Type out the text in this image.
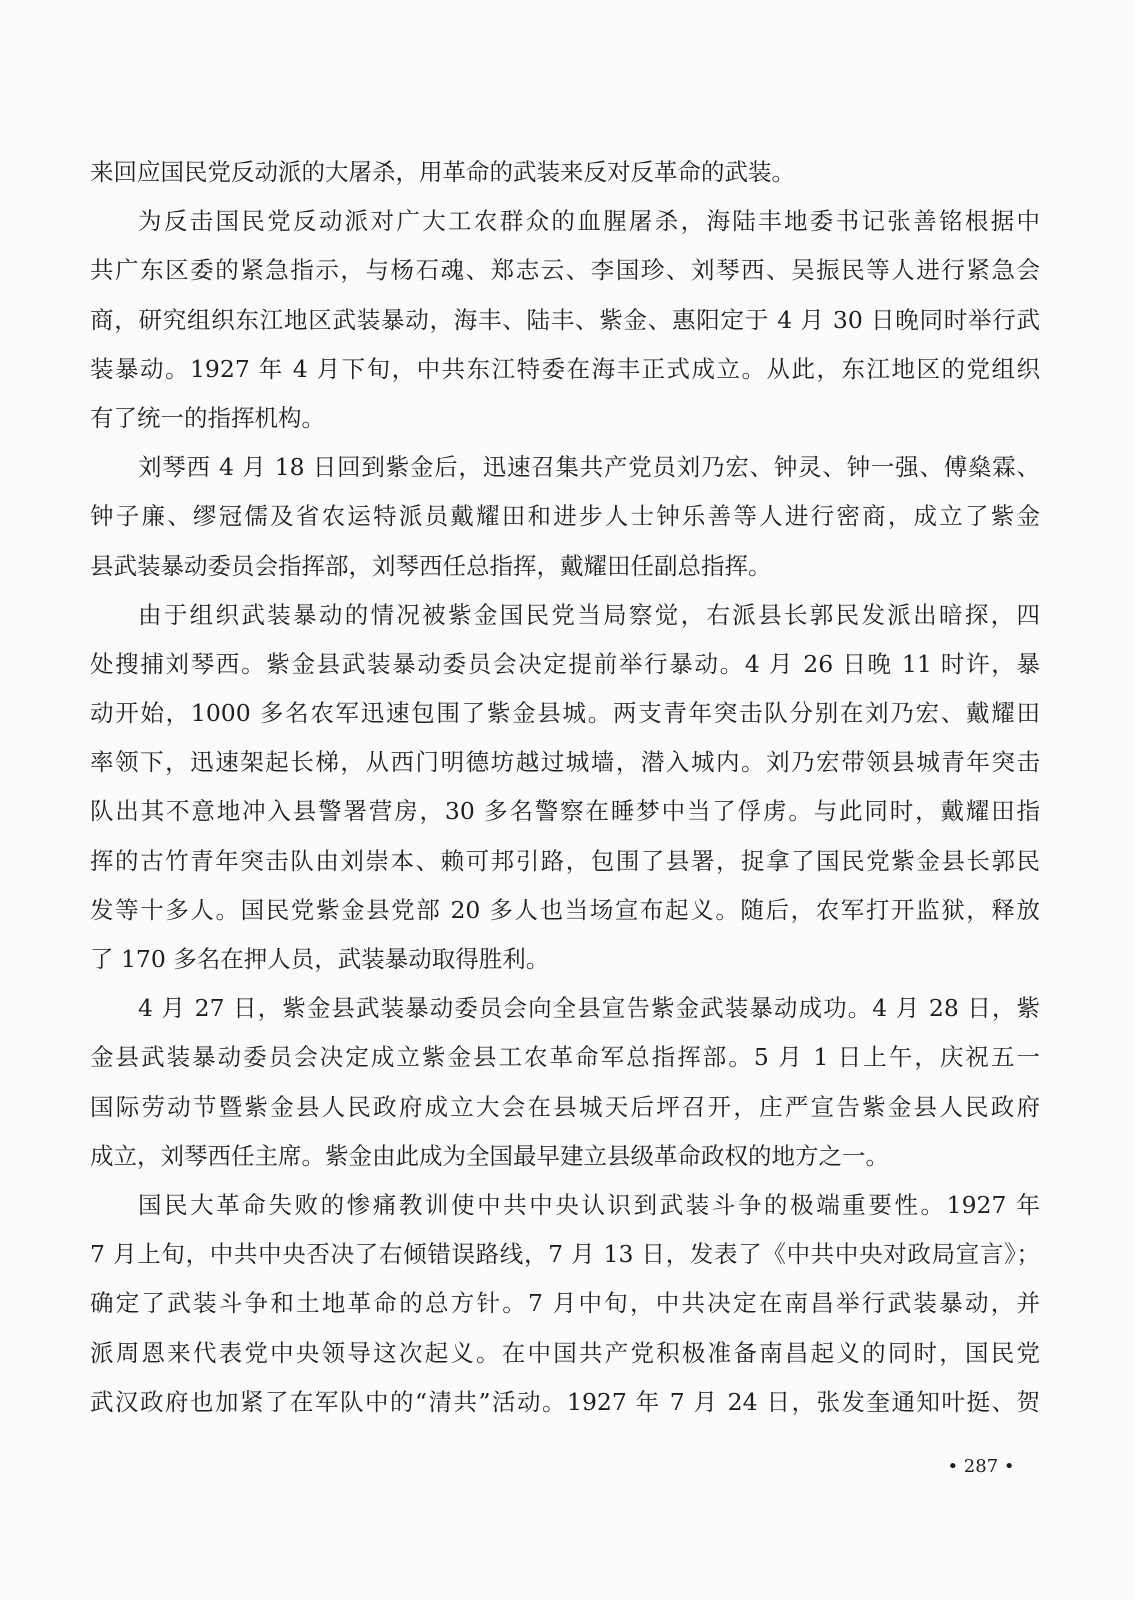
来回应国民党反动派的大屠杀，用革命的武装来反对反革命的武装。
为反击国民党反动派对广大工农群众的血腥屠杀，海陆丰地委书记张善铭根据中
共广东区委的紧急指示，与杨石魂、郑志云、李国珍、刘琴西、吴振民等人进行紧急会
商，研究组织东江地区武装暴动，海丰、陆丰、紫金、惠阳定于 4 月 30 日晚同时举行武
装暴动。1927 年 4 月下旬，中共东江特委在海丰正式成立。从此，东江地区的党组织
有了统一的指挥机构。
刘琴西 4 月 18 日回到紫金后，迅速召集共产党员刘乃宏、钟灵、钟一强、傅燊霖、
钟子廉、缪冠儒及省农运特派员戴耀田和进步人士钟乐善等人进行密商，成立了紫金
县武装暴动委员会指挥部，刘琴西任总指挥，戴耀田任副总指挥。
由于组织武装暴动的情况被紫金国民党当局察觉，右派县长郭民发派出暗探，四
处搜捕刘琴西。紫金县武装暴动委员会决定提前举行暴动。4 月 26 日晚 11 时许，暴
动开始，1000 多名农军迅速包围了紫金县城。两支青年突击队分别在刘乃宏、戴耀田
率领下，迅速架起长梯，从西门明德坊越过城墙，潜入城内。刘乃宏带领县城青年突击
队出其不意地冲入县警署营房，30 多名警察在睡梦中当了俘虏。与此同时，戴耀田指
挥的古竹青年突击队由刘崇本、赖可邦引路，包围了县署，捉拿了国民党紫金县长郭民
发等十多人。国民党紫金县党部 20 多人也当场宣布起义。随后，农军打开监狱，释放
了 170 多名在押人员，武装暴动取得胜利。
4 月 27 日，紫金县武装暴动委员会向全县宣告紫金武装暴动成功。4 月 28 日，紫
金县武装暴动委员会决定成立紫金县工农革命军总指挥部。5 月 1 日上午，庆祝五一
国际劳动节暨紫金县人民政府成立大会在县城天后坪召开，庄严宣告紫金县人民政府
成立，刘琴西任主席。紫金由此成为全国最早建立县级革命政权的地方之一。
国民大革命失败的惨痛教训使中共中央认识到武装斗争的极端重要性。1927 年
7 月上旬，中共中央否决了右倾错误路线，7 月 13 日，发表了《中共中央对政局宣言》；
确定了武装斗争和土地革命的总方针。7 月中旬，中共决定在南昌举行武装暴动，并
派周恩来代表党中央领导这次起义。在中国共产党积极准备南昌起义的同时，国民党
武汉政府也加紧了在军队中的“清共”活动。1927 年 7 月 24 日，张发奎通知叶挺、贺
• 287 •
